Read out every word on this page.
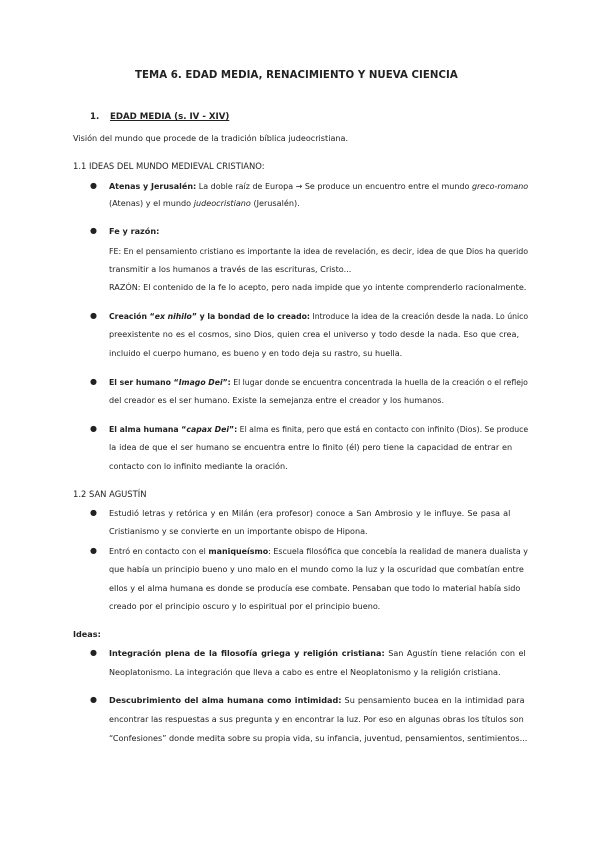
TEMA 6. EDAD MEDIA, RENACIMIENTO Y NUEVA CIENCIA
1. EDAD MEDIA (s. IV - XIV)
Visión del mundo que procede de la tradición bíblica judeocristiana.
1.1 IDEAS DEL MUNDO MEDIEVAL CRISTIANO:
● Atenas y Jerusalén: La doble raíz de Europa → Se produce un encuentro entre el mundo greco-romano
(Atenas) y el mundo judeocristiano (Jerusalén).
● Fe y razón:
FE: En el pensamiento cristiano es importante la idea de revelación, es decir, idea de que Dios ha querido
transmitir a los humanos a través de las escrituras, Cristo...
RAZÓN: El contenido de la fe lo acepto, pero nada impide que yo intente comprenderlo racionalmente.
● Creación “ex nihilo” y la bondad de lo creado: Introduce la idea de la creación desde la nada. Lo único
preexistente no es el cosmos, sino Dios, quien crea el universo y todo desde la nada. Eso que crea,
incluido el cuerpo humano, es bueno y en todo deja su rastro, su huella.
● El ser humano “Imago Dei”: El lugar donde se encuentra concentrada la huella de la creación o el reflejo
del creador es el ser humano. Existe la semejanza entre el creador y los humanos.
● El alma humana “capax Dei”: El alma es finita, pero que está en contacto con infinito (Dios). Se produce
la idea de que el ser humano se encuentra entre lo finito (él) pero tiene la capacidad de entrar en
contacto con lo infinito mediante la oración.
1.2 SAN AGUSTÍN
● Estudió letras y retórica y en Milán (era profesor) conoce a San Ambrosio y le influye. Se pasa al
Cristianismo y se convierte en un importante obispo de Hipona.
● Entró en contacto con el maniqueísmo: Escuela filosófica que concebía la realidad de manera dualista y
que había un principio bueno y uno malo en el mundo como la luz y la oscuridad que combatían entre
ellos y el alma humana es donde se producía ese combate. Pensaban que todo lo material había sido
creado por el principio oscuro y lo espiritual por el principio bueno.
Ideas:
● Integración plena de la filosofía griega y religión cristiana: San Agustín tiene relación con el
Neoplatonismo. La integración que lleva a cabo es entre el Neoplatonismo y la religión cristiana.
● Descubrimiento del alma humana como intimidad: Su pensamiento bucea en la intimidad para
encontrar las respuestas a sus pregunta y en encontrar la luz. Por eso en algunas obras los títulos son
“Confesiones” donde medita sobre su propia vida, su infancia, juventud, pensamientos, sentimientos...
